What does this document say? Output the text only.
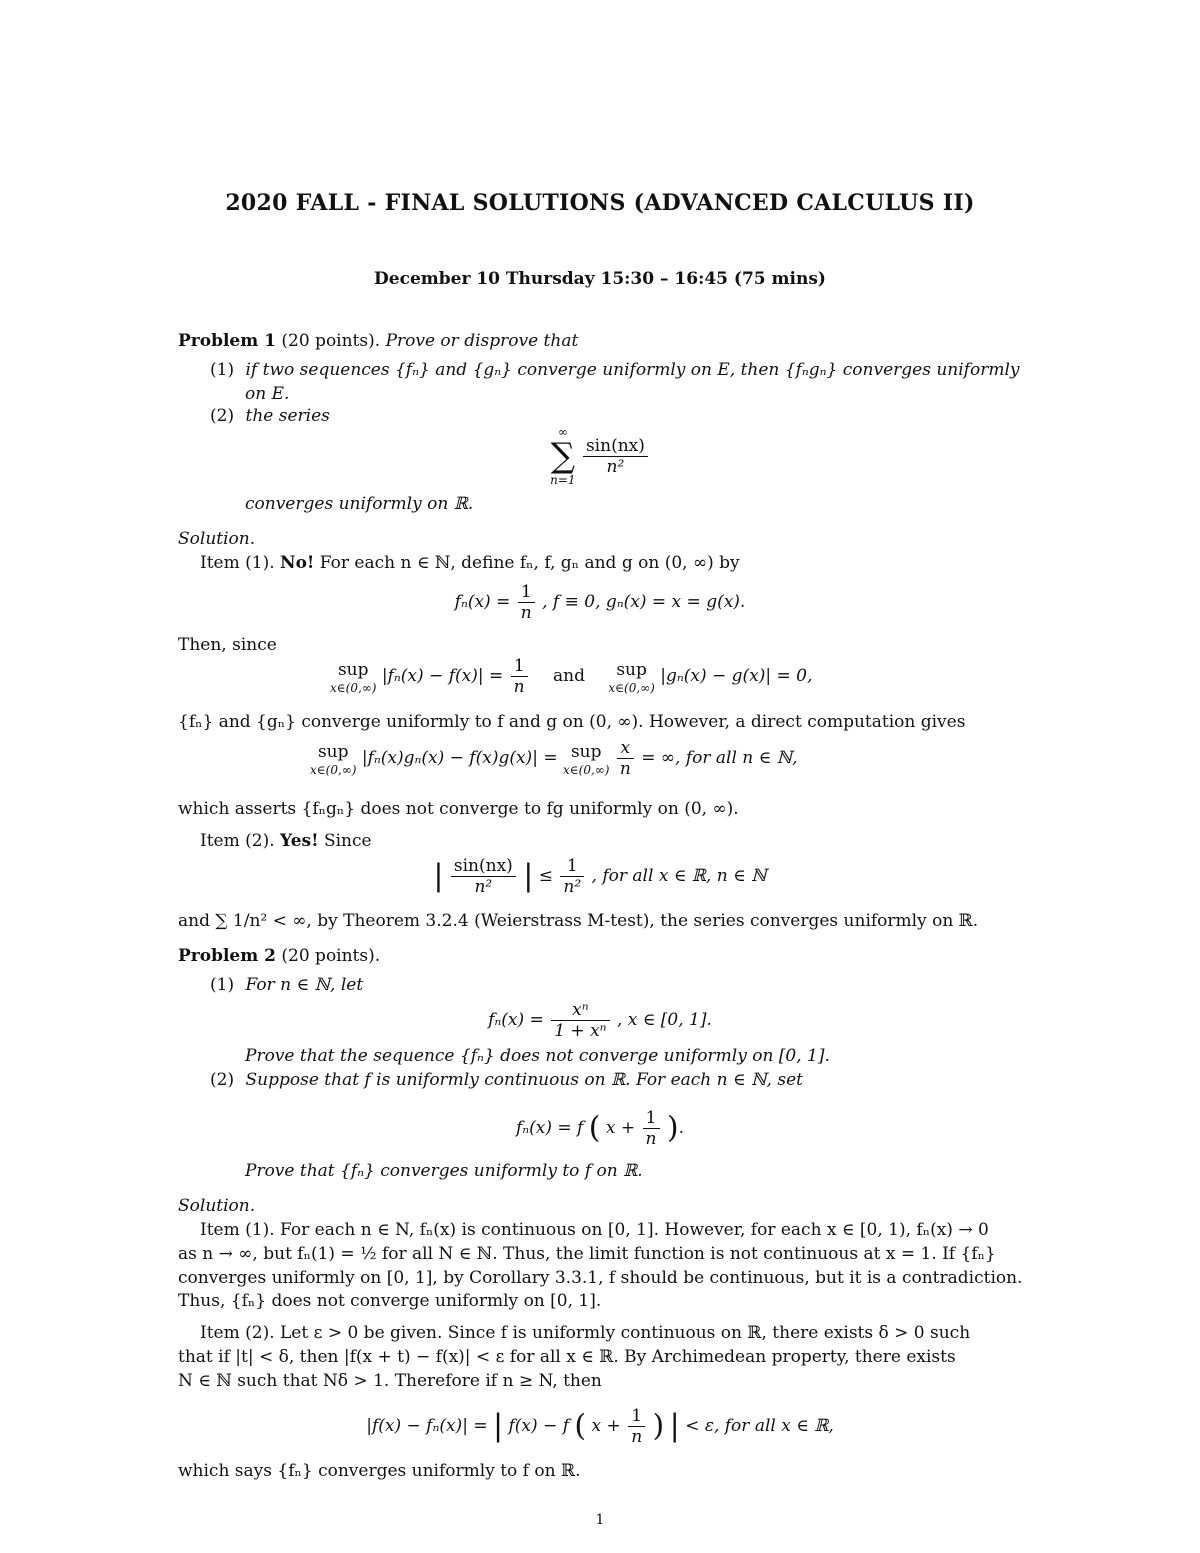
2020 FALL - FINAL SOLUTIONS (ADVANCED CALCULUS II)
December 10 Thursday 15:30 – 16:45 (75 mins)
Problem 1 (20 points). Prove or disprove that
(1) if two sequences {fₙ} and {gₙ} converge uniformly on E, then {fₙgₙ} converges uniformly
on E.
(2) the series
∞
∑
n=1

$\frac{\sin(nx)}{\text{n²}}$
converges uniformly on ℝ.
Solution.
Item (1). No! For each n ∈ ℕ, define fₙ, f, gₙ and g on (0, ∞) by
$f_n(x) = \frac{1}{n}$ , f ≡ 0, gₙ(x) = x = g(x).
Then, since
sup
x∈(0,∞)
$|f_n(x) - f(x)| = \frac{1}{n}$ and sup
x∈(0,∞)
|gₙ(x) − g(x)| = 0,
{fₙ} and {gₙ} converge uniformly to f and g on (0, ∞). However, a direct computation gives
sup
x∈(0,∞)
|fₙ(x)gₙ(x) − f(x)g(x)| = sup
x∈(0,∞)
$\frac{x}{n}$ = ∞, for all n ∈ ℕ,
which asserts {fₙgₙ} does not converge to fg uniformly on (0, ∞).
Item (2). Yes! Since
| $\frac{\sin(nx)}{\text{n²}}$ | ≤ $\frac{1}{\text{n²}}$ , for all x ∈ ℝ, n ∈ ℕ
and ∑ 1/n² < ∞, by Theorem 3.2.4 (Weierstrass M-test), the series converges uniformly on ℝ.
Problem 2 (20 points).
(1) For n ∈ ℕ, let
$f_n(x) = \frac{\text{xⁿ}}{\text{1 + xⁿ}}$ , x ∈ [0, 1].
Prove that the sequence {fₙ} does not converge uniformly on [0, 1].
(2) Suppose that f is uniformly continuous on ℝ. For each n ∈ ℕ, set
fₙ(x) = f ( $x + \frac{1}{n}$ ).
Prove that {fₙ} converges uniformly to f on ℝ.
Solution.
Item (1). For each n ∈ N, fₙ(x) is continuous on [0, 1]. However, for each x ∈ [0, 1), fₙ(x) → 0
as n → ∞, but fₙ(1) = ½ for all N ∈ ℕ. Thus, the limit function is not continuous at x = 1. If {fₙ}
converges uniformly on [0, 1], by Corollary 3.3.1, f should be continuous, but it is a contradiction.
Thus, {fₙ} does not converge uniformly on [0, 1].
Item (2). Let ε > 0 be given. Since f is uniformly continuous on ℝ, there exists δ > 0 such
that if |t| < δ, then |f(x + t) − f(x)| < ε for all x ∈ ℝ. By Archimedean property, there exists
N ∈ ℕ such that Nδ > 1. Therefore if n ≥ N, then
|f(x) − fₙ(x)| = | f(x) − f ( $x + \frac{1}{n}$ ) | < ε, for all x ∈ ℝ,
which says {fₙ} converges uniformly to f on ℝ.
1
